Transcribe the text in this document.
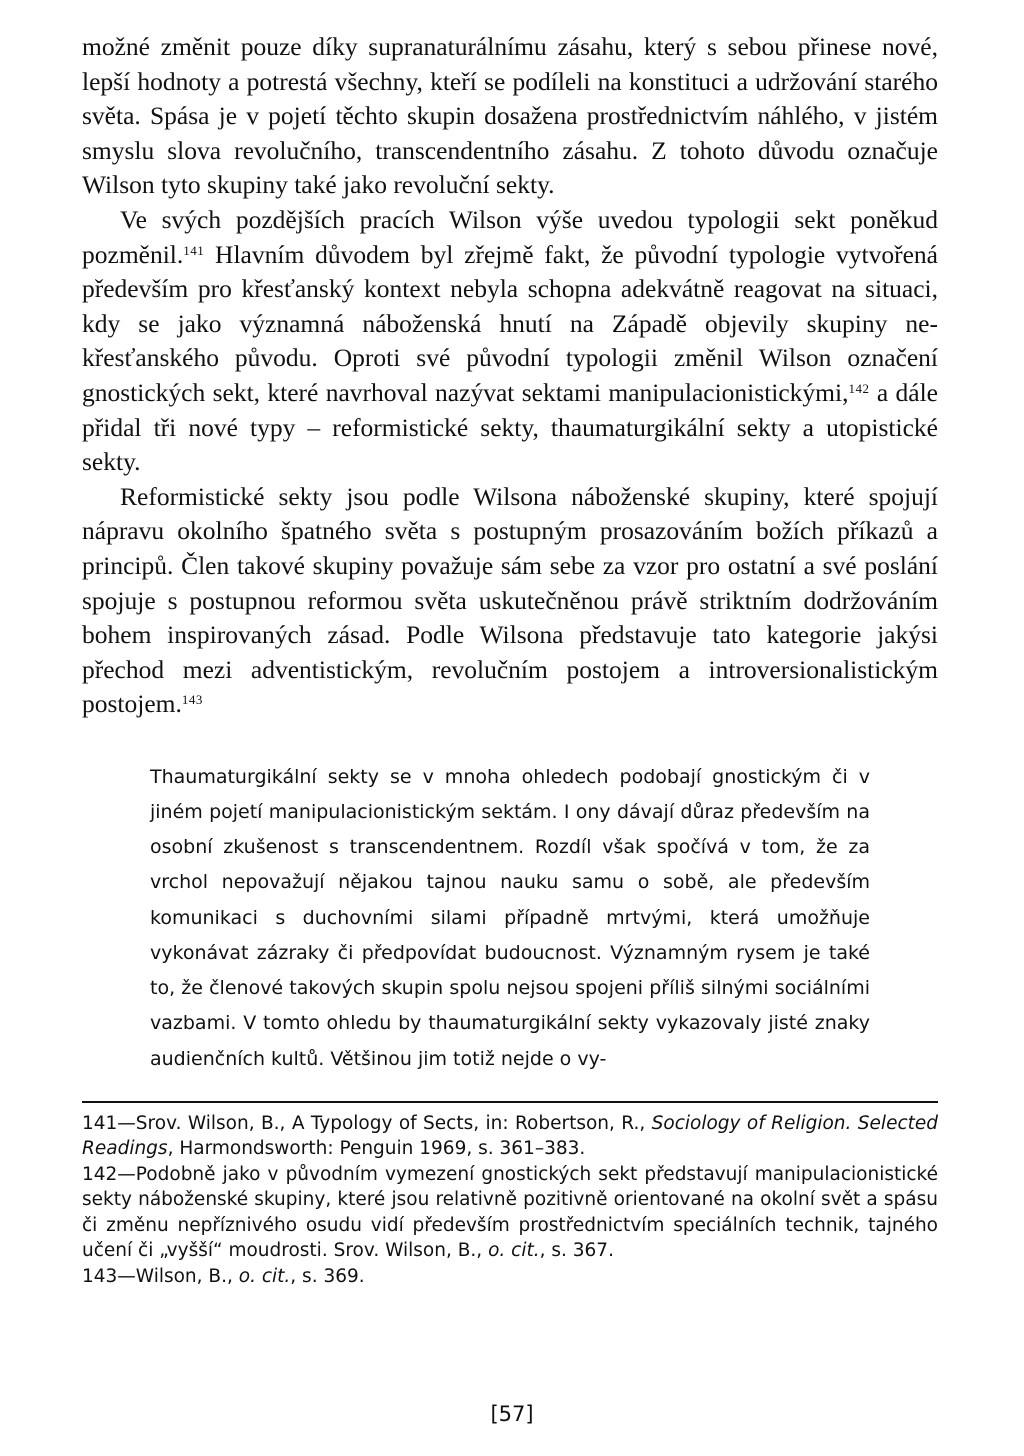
možné změnit pouze díky supranaturálnímu zásahu, který s sebou přinese nové, lepší hodnoty a potrestá všechny, kteří se podíleli na konstituci a udržování starého světa. Spása je v pojetí těchto skupin dosažena prostřednictvím náhlého, v jistém smyslu slova revolučního, transcendentního zásahu. Z tohoto důvodu označuje Wilson tyto skupiny také jako revoluční sekty.

Ve svých pozdějších pracích Wilson výše uvedou typologii sekt poněkud pozměnil.$^{141}$ Hlavním důvodem byl zřejmě fakt, že původní typologie vytvořená především pro křesťanský kontext nebyla schopna adekvátně reagovat na situaci, kdy se jako významná náboženská hnutí na Západě objevily skupiny ne-křesťanského původu. Oproti své původní typologii změnil Wilson označení gnostických sekt, které navrhoval nazývat sektami manipulacionistickými,$^{142}$ a dále přidal tři nové typy – reformistické sekty, thaumaturgikální sekty a utopistické sekty.

Reformistické sekty jsou podle Wilsona náboženské skupiny, které spojují nápravu okolního špatného světa s postupným prosazováním božích příkazů a principů. Člen takové skupiny považuje sám sebe za vzor pro ostatní a své poslání spojuje s postupnou reformou světa uskutečněnou právě striktním dodržováním bohem inspirovaných zásad. Podle Wilsona představuje tato kategorie jakýsi přechod mezi adventistickým, revolučním postojem a introversionalistickým postojem.$^{143}$

Thaumaturgikální sekty se v mnoha ohledech podobají gnostickým či v jiném pojetí manipulacionistickým sektám. I ony dávají důraz především na osobní zkušenost s transcendentnem. Rozdíl však spočívá v tom, že za vrchol nepovažují nějakou tajnou nauku samu o sobě, ale především komunikaci s duchovními silami případně mrtvými, která umožňuje vykonávat zázraky či předpovídat budoucnost. Významným rysem je také to, že členové takových skupin spolu nejsou spojeni příliš silnými sociálními vazbami. V tomto ohledu by thaumaturgikální sekty vykazovaly jisté znaky audienčních kultů. Většinou jim totiž nejde o vy-

141—Srov. Wilson, B., A Typology of Sects, in: Robertson, R., Sociology of Religion. Selected Readings, Harmondsworth: Penguin 1969, s. 361–383.

142—Podobně jako v původním vymezení gnostických sekt představují manipulacionistické sekty náboženské skupiny, které jsou relativně pozitivně orientované na okolní svět a spásu či změnu nepříznivého osudu vidí především prostřednictvím speciálních technik, tajného učení či „vyšší“ moudrosti. Srov. Wilson, B., o. cit., s. 367.

143—Wilson, B., o. cit., s. 369.

[57]
